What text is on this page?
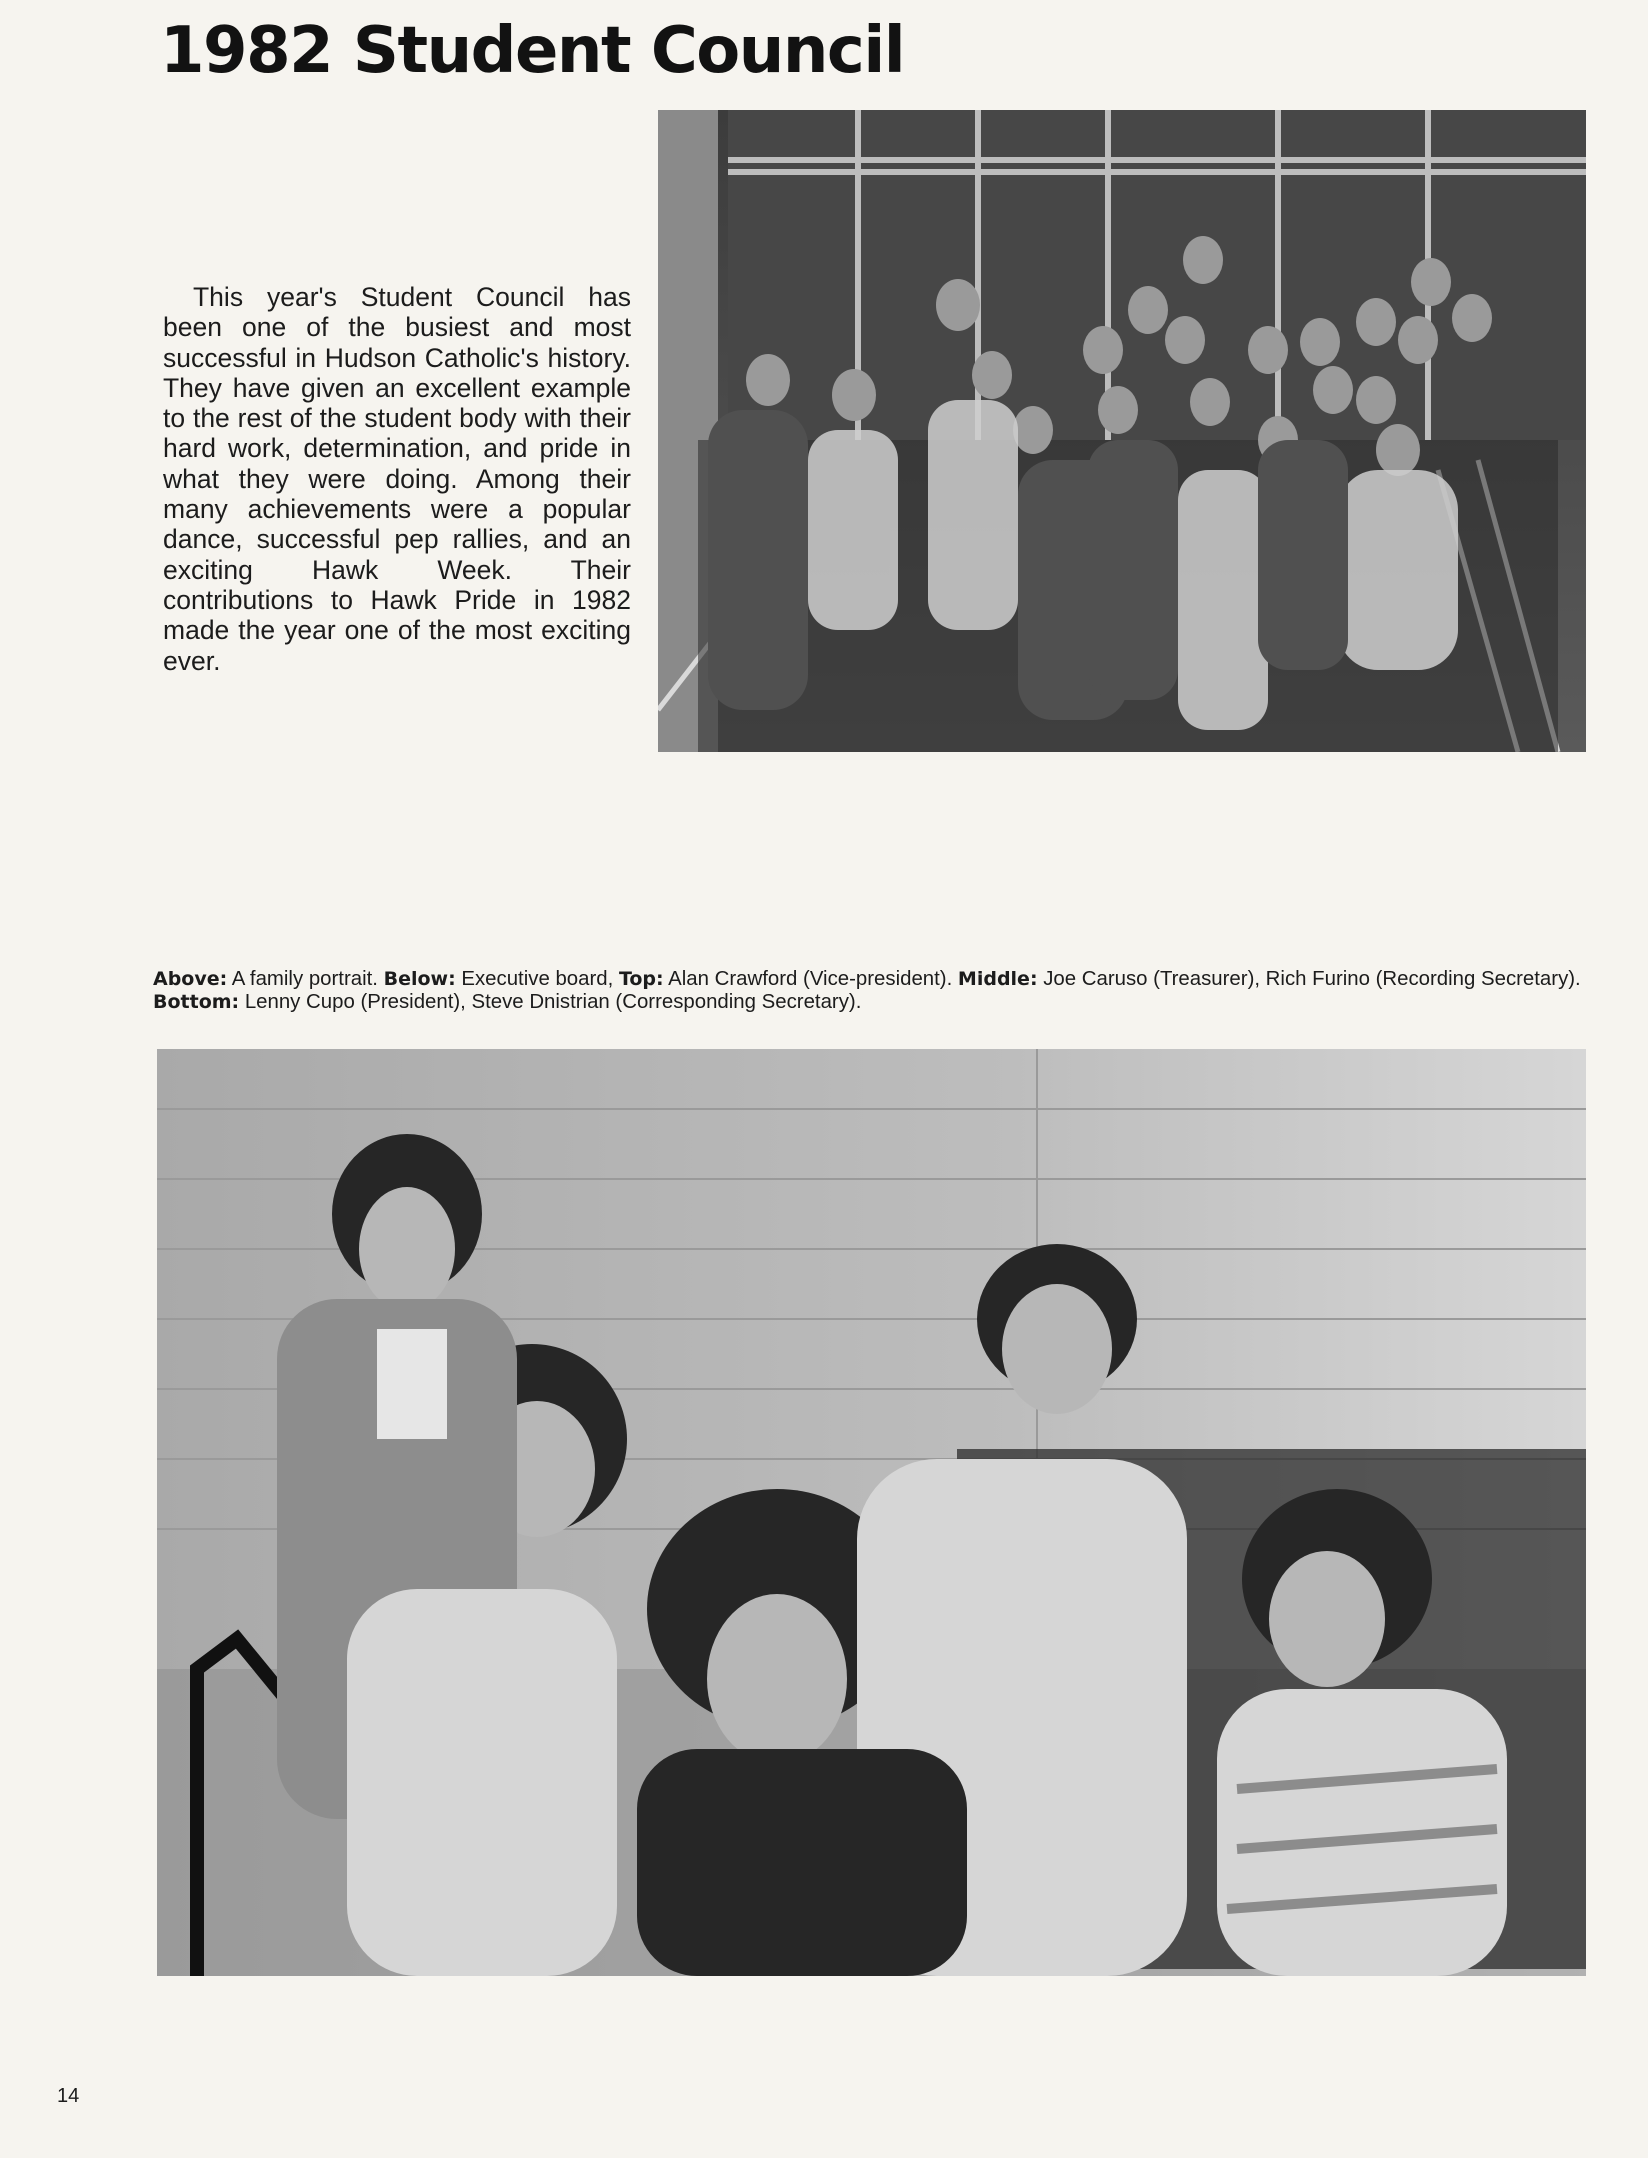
1982 Student Council

This year's Student Council has been one of the busiest and most successful in Hudson Catholic's history. They have given an excellent example to the rest of the student body with their hard work, determination, and pride in what they were doing. Among their many achievements were a popular dance, successful pep rallies, and an exciting Hawk Week. Their contributions to Hawk Pride in 1982 made the year one of the most exciting ever.

Above: A family portrait. Below: Executive board, Top: Alan Crawford (Vice-president). Middle: Joe Caruso (Treasurer), Rich Furino (Recording Secretary). Bottom: Lenny Cupo (President), Steve Dnistrian (Corresponding Secretary).

14
